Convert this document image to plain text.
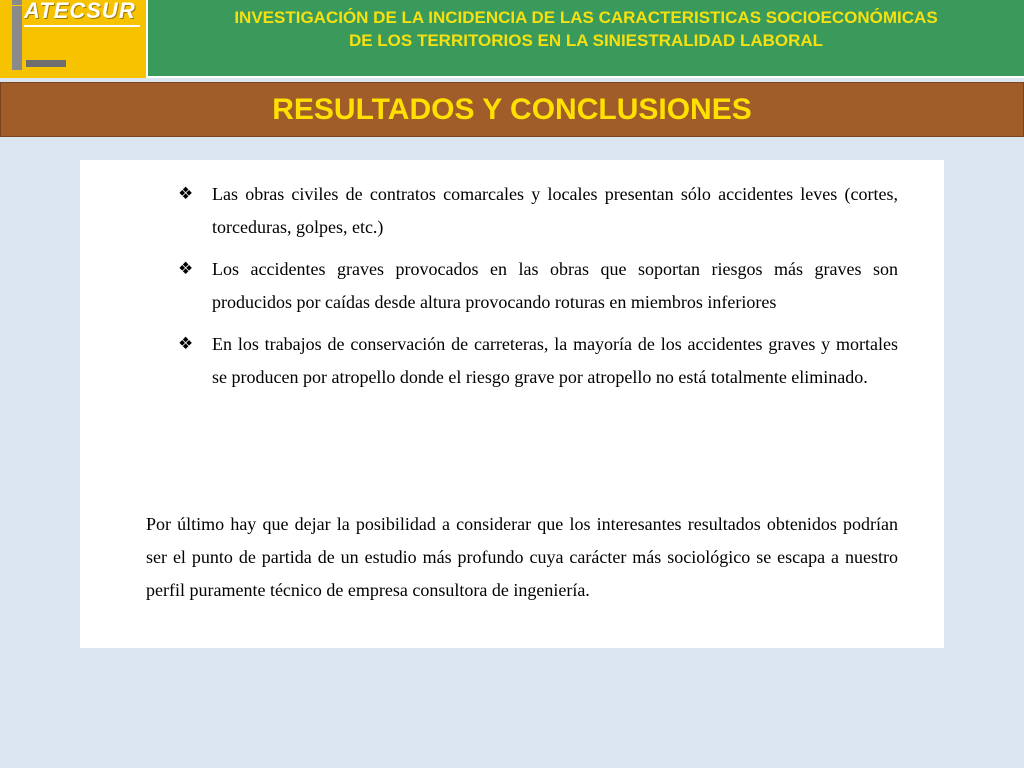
ATECSUR	INVESTIGACIÓN DE LA INCIDENCIA DE LAS CARACTERISTICAS SOCIOECONÓMICAS
DE LOS TERRITORIOS EN LA SINIESTRALIDAD LABORAL
RESULTADOS Y CONCLUSIONES
❖ Las obras civiles de contratos comarcales y locales presentan sólo accidentes leves (cortes, torceduras, golpes, etc.)
❖ Los accidentes graves provocados en las obras que soportan riesgos más graves son producidos por caídas desde altura provocando roturas en miembros inferiores
❖ En los trabajos de conservación de carreteras, la mayoría de los accidentes graves y mortales se producen por atropello donde el riesgo grave por atropello no está totalmente eliminado.

Por último hay que dejar la posibilidad a considerar que los interesantes resultados obtenidos podrían ser el punto de partida de un estudio más profundo cuya carácter más sociológico se escapa a nuestro perfil puramente técnico de empresa consultora de ingeniería.
